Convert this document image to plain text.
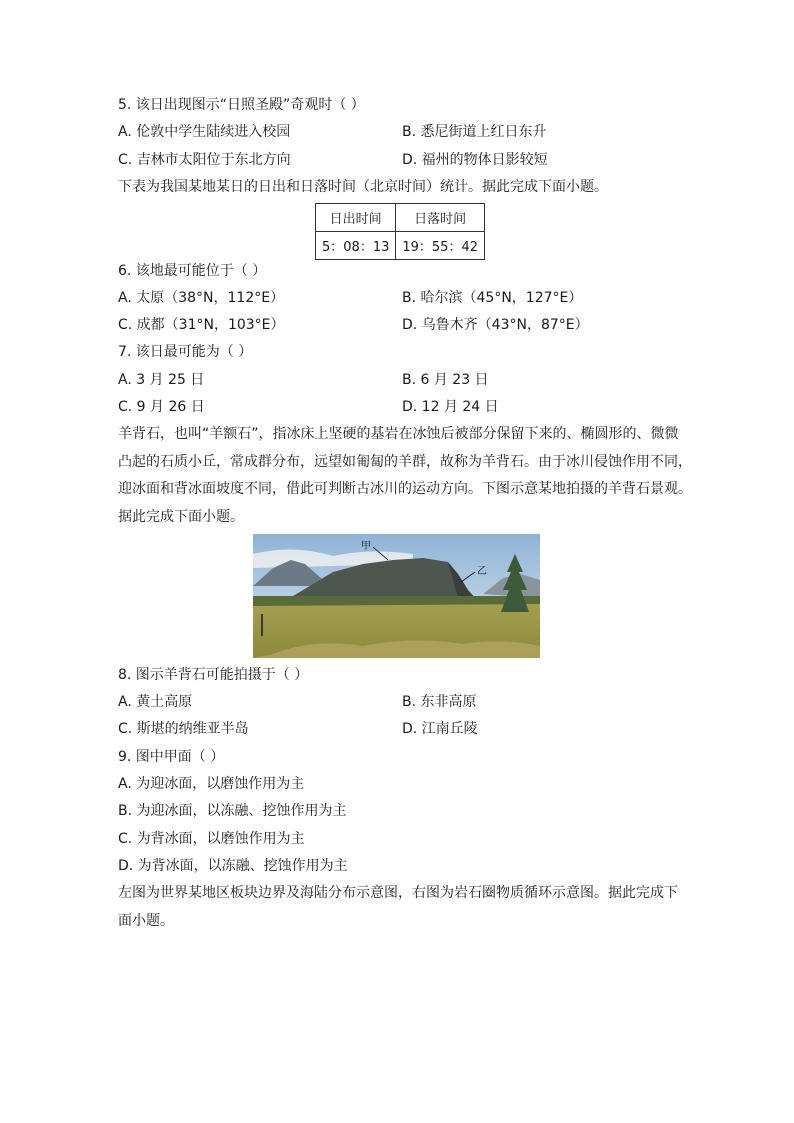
5. 该日出现图示“日照圣殿”奇观时（ ）
A. 伦敦中学生陆续进入校园	B. 悉尼街道上红日东升
C. 吉林市太阳位于东北方向	D. 福州的物体日影较短
下表为我国某地某日的日出和日落时间（北京时间）统计。据此完成下面小题。
日出时间	日落时间
5：08：13	19：55：42
6. 该地最可能位于（ ）
A. 太原（38°N，112°E）	B. 哈尔滨（45°N，127°E）
C. 成都（31°N，103°E）	D. 乌鲁木齐（43°N，87°E）
7. 该日最可能为（ ）
A. 3 月 25 日	B. 6 月 23 日
C. 9 月 26 日	D. 12 月 24 日
羊背石，也叫“羊额石”，指冰床上坚硬的基岩在冰蚀后被部分保留下来的、椭圆形的、微微
凸起的石质小丘，常成群分布，远望如匍匐的羊群，故称为羊背石。由于冰川侵蚀作用不同，
迎冰面和背冰面坡度不同，借此可判断古冰川的运动方向。下图示意某地拍摄的羊背石景观。
据此完成下面小题。
甲
乙
8. 图示羊背石可能拍摄于（ ）
A. 黄土高原	B. 东非高原
C. 斯堪的纳维亚半岛	D. 江南丘陵
9. 图中甲面（ ）
A. 为迎冰面，以磨蚀作用为主
B. 为迎冰面，以冻融、挖蚀作用为主
C. 为背冰面，以磨蚀作用为主
D. 为背冰面，以冻融、挖蚀作用为主
左图为世界某地区板块边界及海陆分布示意图，右图为岩石圈物质循环示意图。据此完成下
面小题。
